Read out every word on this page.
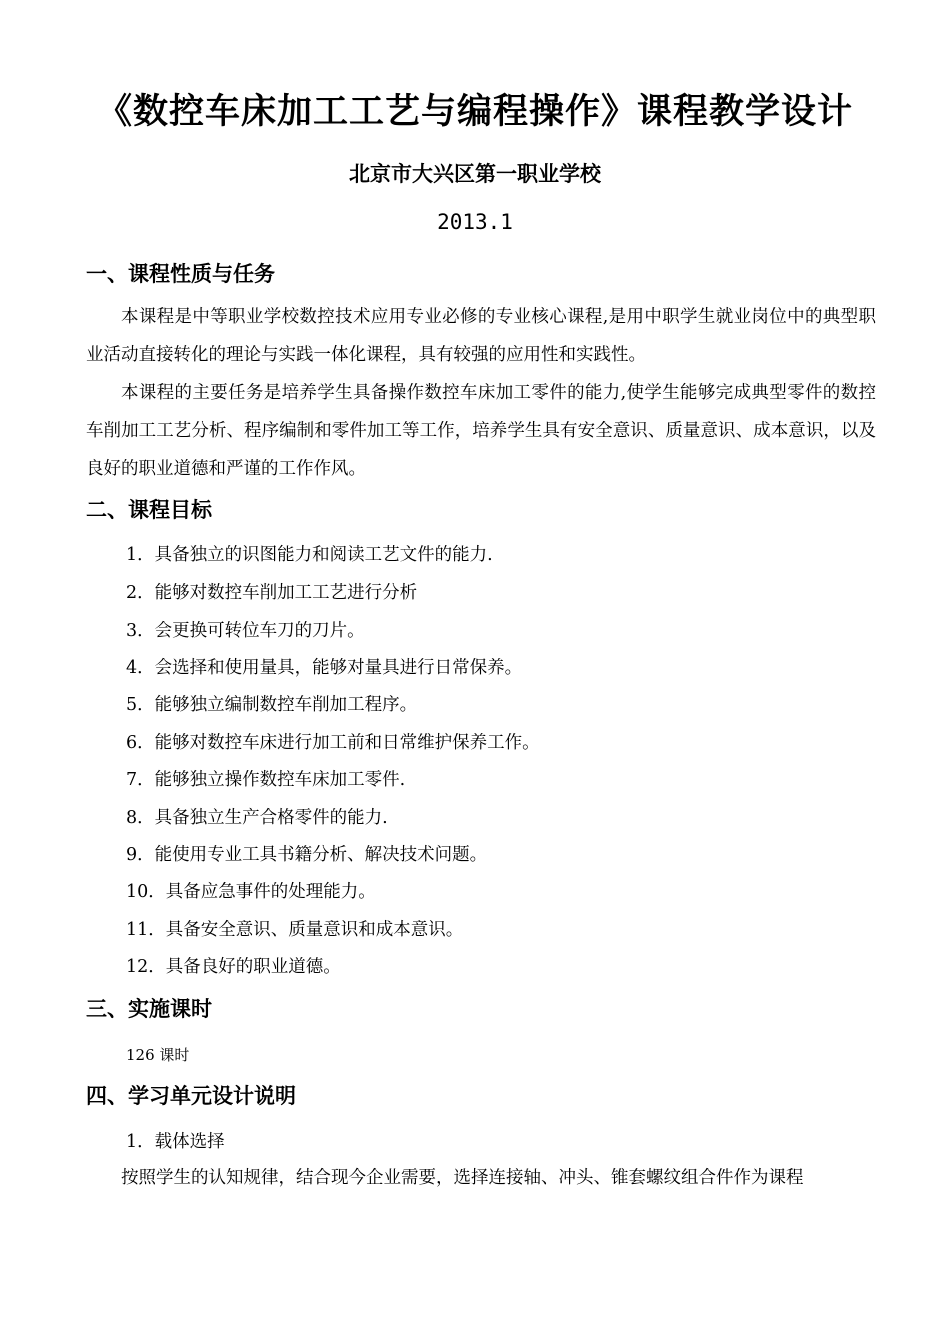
《数控车床加工工艺与编程操作》课程教学设计
北京市大兴区第一职业学校
2013.1
一、课程性质与任务
本课程是中等职业学校数控技术应用专业必修的专业核心课程,是用中职学生就业岗位中的典型职业活动直接转化的理论与实践一体化课程，具有较强的应用性和实践性。
本课程的主要任务是培养学生具备操作数控车床加工零件的能力,使学生能够完成典型零件的数控车削加工工艺分析、程序编制和零件加工等工作，培养学生具有安全意识、质量意识、成本意识，以及良好的职业道德和严谨的工作作风。
二、课程目标
1．具备独立的识图能力和阅读工艺文件的能力.
2．能够对数控车削加工工艺进行分析
3．会更换可转位车刀的刀片。
4．会选择和使用量具，能够对量具进行日常保养。
5．能够独立编制数控车削加工程序。
6．能够对数控车床进行加工前和日常维护保养工作。
7．能够独立操作数控车床加工零件.
8．具备独立生产合格零件的能力.
9．能使用专业工具书籍分析、解决技术问题。
10．具备应急事件的处理能力。
11．具备安全意识、质量意识和成本意识。
12．具备良好的职业道德。
三、实施课时
126 课时
四、学习单元设计说明
1．载体选择
按照学生的认知规律，结合现今企业需要，选择连接轴、冲头、锥套螺纹组合件作为课程
